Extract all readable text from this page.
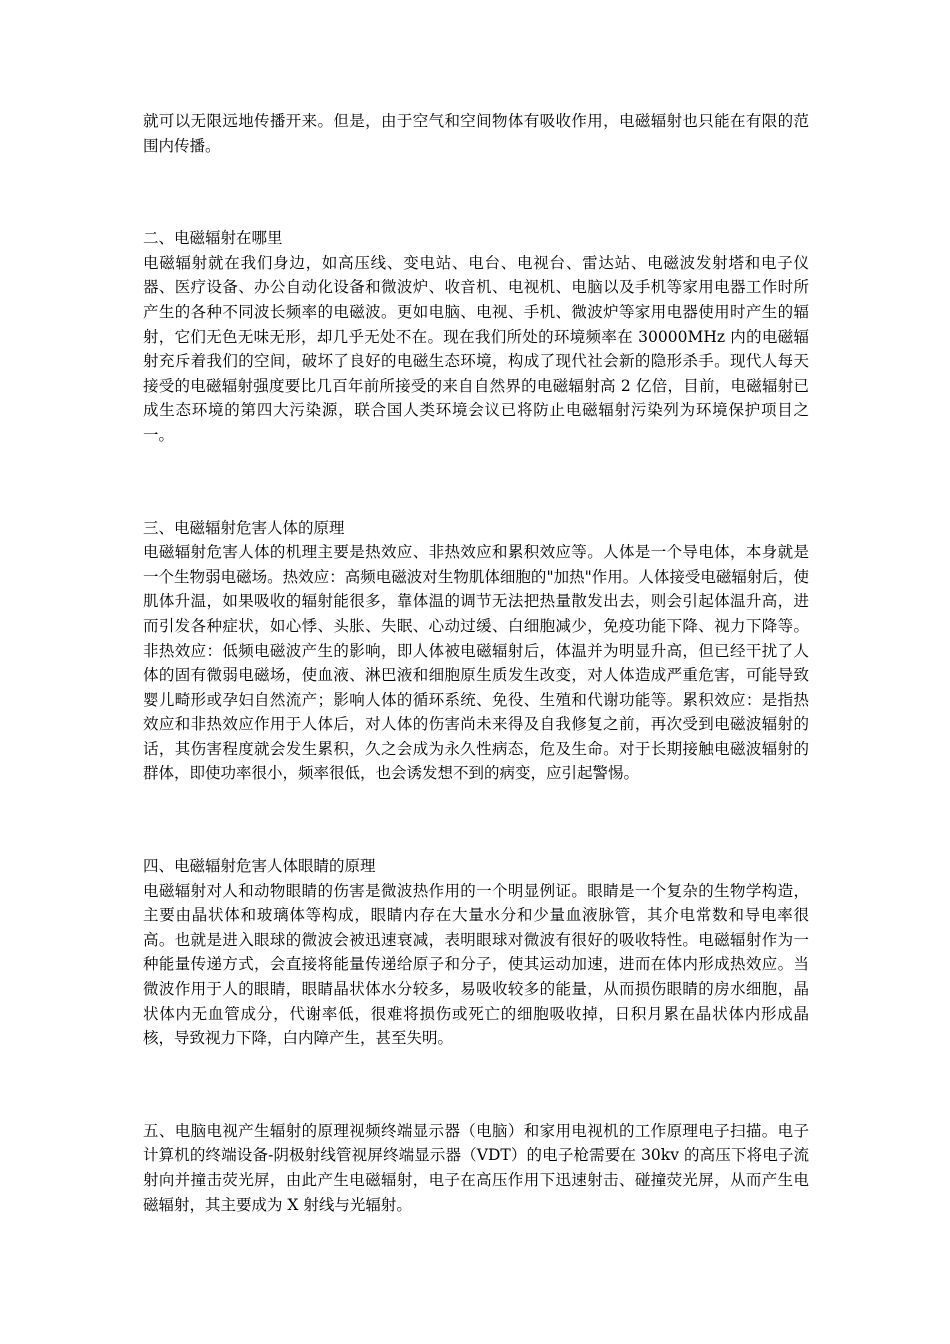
就可以无限远地传播开来。但是，由于空气和空间物体有吸收作用，电磁辐射也只能在有限的范围内传播。

二、电磁辐射在哪里

电磁辐射就在我们身边，如高压线、变电站、电台、电视台、雷达站、电磁波发射塔和电子仪器、医疗设备、办公自动化设备和微波炉、收音机、电视机、电脑以及手机等家用电器工作时所产生的各种不同波长频率的电磁波。更如电脑、电视、手机、微波炉等家用电器使用时产生的辐射，它们无色无味无形，却几乎无处不在。现在我们所处的环境频率在 30000MHz 内的电磁辐射充斥着我们的空间，破坏了良好的电磁生态环境，构成了现代社会新的隐形杀手。现代人每天接受的电磁辐射强度要比几百年前所接受的来自自然界的电磁辐射高 2 亿倍，目前，电磁辐射已成生态环境的第四大污染源，联合国人类环境会议已将防止电磁辐射污染列为环境保护项目之一。

三、电磁辐射危害人体的原理

电磁辐射危害人体的机理主要是热效应、非热效应和累积效应等。人体是一个导电体，本身就是一个生物弱电磁场。热效应：高频电磁波对生物肌体细胞的"加热"作用。人体接受电磁辐射后，使肌体升温，如果吸收的辐射能很多，靠体温的调节无法把热量散发出去，则会引起体温升高，进而引发各种症状，如心悸、头胀、失眠、心动过缓、白细胞减少，免疫功能下降、视力下降等。非热效应：低频电磁波产生的影响，即人体被电磁辐射后，体温并为明显升高，但已经干扰了人体的固有微弱电磁场，使血液、淋巴液和细胞原生质发生改变，对人体造成严重危害，可能导致婴儿畸形或孕妇自然流产；影响人体的循环系统、免役、生殖和代谢功能等。累积效应：是指热效应和非热效应作用于人体后，对人体的伤害尚未来得及自我修复之前，再次受到电磁波辐射的话，其伤害程度就会发生累积，久之会成为永久性病态，危及生命。对于长期接触电磁波辐射的群体，即使功率很小，频率很低，也会诱发想不到的病变，应引起警惕。

四、电磁辐射危害人体眼睛的原理

电磁辐射对人和动物眼睛的伤害是微波热作用的一个明显例证。眼睛是一个复杂的生物学构造，主要由晶状体和玻璃体等构成，眼睛内存在大量水分和少量血液脉管，其介电常数和导电率很高。也就是进入眼球的微波会被迅速衰减，表明眼球对微波有很好的吸收特性。电磁辐射作为一种能量传递方式，会直接将能量传递给原子和分子，使其运动加速，进而在体内形成热效应。当微波作用于人的眼睛，眼睛晶状体水分较多，易吸收较多的能量，从而损伤眼睛的房水细胞，晶状体内无血管成分，代谢率低，很难将损伤或死亡的细胞吸收掉，日积月累在晶状体内形成晶核，导致视力下降，白内障产生，甚至失明。

五、电脑电视产生辐射的原理视频终端显示器（电脑）和家用电视机的工作原理电子扫描。电子计算机的终端设备-阴极射线管视屏终端显示器（VDT）的电子枪需要在 30kv 的高压下将电子流射向并撞击荧光屏，由此产生电磁辐射，电子在高压作用下迅速射击、碰撞荧光屏，从而产生电磁辐射，其主要成为 X 射线与光辐射。
